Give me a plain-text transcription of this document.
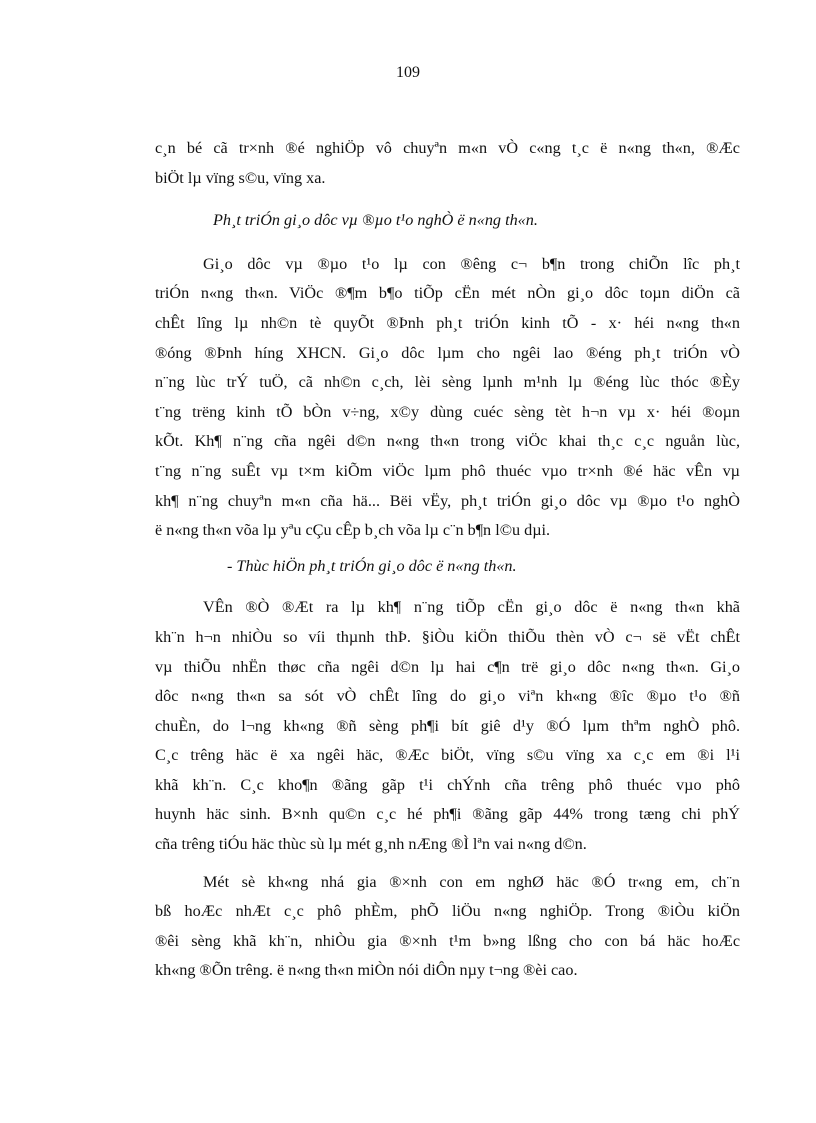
109

c¸n bé cã tr×nh ®é nghiÖp vô chuyªn m«n vÒ c«ng t¸c ë n«ng th«n, ®Æc
biÖt lµ vïng s©u, vïng xa.

Ph¸t triÓn gi¸o dôc vµ ®µo t¹o nghÒ ë n«ng th«n.

Gi¸o dôc vµ ®µo t¹o lµ con ®êng c¬ b¶n trong chiÕn lîc ph¸t
triÓn n«ng th«n. ViÖc ®¶m b¶o tiÕp cËn mét nÒn gi¸o dôc toµn diÖn cã
chÊt lîng lµ nh©n tè quyÕt ®Þnh ph¸t triÓn kinh tÕ - x· héi n«ng th«n
®óng ®Þnh híng XHCN. Gi¸o dôc lµm cho ngêi lao ®éng ph¸t triÓn vÒ
n¨ng lùc trÝ tuÖ, cã nh©n c¸ch, lèi sèng lµnh m¹nh lµ ®éng lùc thóc ®Èy
t¨ng trëng kinh tÕ bÒn v÷ng, x©y dùng cuéc sèng tèt h¬n vµ x· héi ®oµn
kÕt. Kh¶ n¨ng cña ngêi d©n n«ng th«n trong viÖc khai th¸c c¸c nguån lùc,
t¨ng n¨ng suÊt vµ t×m kiÕm viÖc lµm phô thuéc vµo tr×nh ®é häc vÊn vµ
kh¶ n¨ng chuyªn m«n cña hä... Bëi vËy, ph¸t triÓn gi¸o dôc vµ ®µo t¹o nghÒ
ë n«ng th«n võa lµ yªu cÇu cÊp b¸ch võa lµ c¨n b¶n l©u dµi.

- Thùc hiÖn ph¸t triÓn gi¸o dôc ë n«ng th«n.

VÊn ®Ò ®Æt ra lµ kh¶ n¨ng tiÕp cËn gi¸o dôc ë n«ng th«n khã
kh¨n h¬n nhiÒu so víi thµnh thÞ. §iÒu kiÖn thiÕu thèn vÒ c¬ së vËt chÊt
vµ thiÕu nhËn thøc cña ngêi d©n lµ hai c¶n trë gi¸o dôc n«ng th«n. Gi¸o
dôc n«ng th«n sa sót vÒ chÊt lîng do gi¸o viªn kh«ng ®îc ®µo t¹o ®ñ
chuÈn, do l¬ng kh«ng ®ñ sèng ph¶i bít giê d¹y ®Ó lµm thªm nghÒ phô.
C¸c trêng häc ë xa ngêi häc, ®Æc biÖt, vïng s©u vïng xa c¸c em ®i l¹i
khã kh¨n. C¸c kho¶n ®ãng gãp t¹i chÝnh cña trêng phô thuéc vµo phô
huynh häc sinh. B×nh qu©n c¸c hé ph¶i ®ãng gãp 44% trong tæng chi phÝ
cña trêng tiÓu häc thùc sù lµ mét g¸nh nÆng ®Ì lªn vai n«ng d©n.

Mét sè kh«ng nhá gia ®×nh con em nghØ häc ®Ó tr«ng em, ch¨n
bß hoÆc nhÆt c¸c phô phÈm, phÕ liÖu n«ng nghiÖp. Trong ®iÒu kiÖn
®êi sèng khã kh¨n, nhiÒu gia ®×nh t¹m b»ng lßng cho con bá häc hoÆc
kh«ng ®Õn trêng. ë n«ng th«n miÒn nói diÔn nµy t¬ng ®èi cao.
